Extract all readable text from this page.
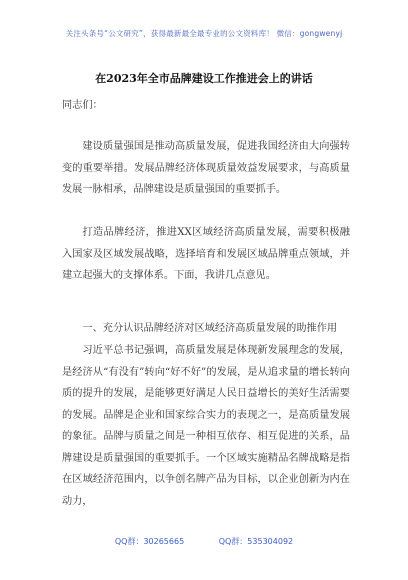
关注头条号“公文研究”，获得最新最全最专业的公文资料库！ 微信：gongwenyj
在2023年全市品牌建设工作推进会上的讲话

同志们：

建设质量强国是推动高质量发展，促进我国经济由大向强转变的重要举措。发展品牌经济体现质量效益发展要求，与高质量发展一脉相承，品牌建设是质量强国的重要抓手。

打造品牌经济，推进XX区域经济高质量发展，需要积极融入国家及区域发展战略，选择培育和发展区域品牌重点领域，并建立起强大的支撑体系。下面，我讲几点意见。

一、充分认识品牌经济对区域经济高质量发展的助推作用

习近平总书记强调，高质量发展是体现新发展理念的发展，是经济从“有没有”转向“好不好”的发展，是从追求量的增长转向质的提升的发展，是能够更好满足人民日益增长的美好生活需要的发展。品牌是企业和国家综合实力的表现之一，是高质量发展的象征。品牌与质量之间是一种相互依存、相互促进的关系，品牌建设是质量强国的重要抓手。一个区域实施精品名牌战略是指在区域经济范围内，以争创名牌产品为目标，以企业创新为内在动力，

QQ群：30265665	QQ群：535304092
